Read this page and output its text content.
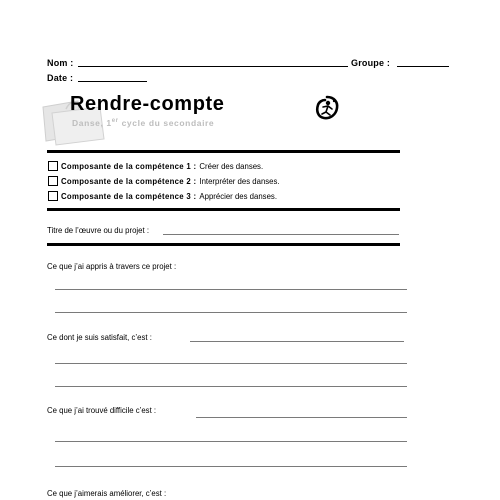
Nom :	Groupe :
Date :
Rendre-compte
Danse, 1er cycle du secondaire
Composante de la compétence 1 : Créer des danses.
Composante de la compétence 2 : Interpréter des danses.
Composante de la compétence 3 : Apprécier des danses.
Titre de l’œuvre ou du projet :
Ce que j’ai appris à travers ce projet :
Ce dont je suis satisfait, c’est :
Ce que j’ai trouvé difficile c’est :
Ce que j’aimerais améliorer, c’est :
